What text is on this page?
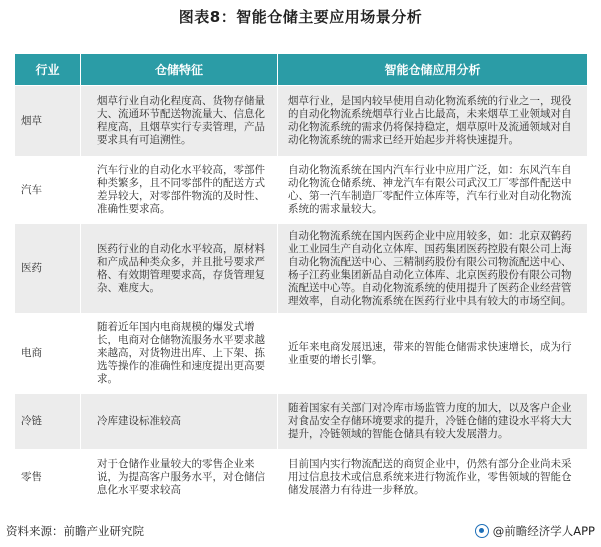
图表8：智能仓储主要应用场景分析
行业	仓储特征	智能仓储应用分析
烟草	烟草行业自动化程度高、货物存储量大、流通环节配送物流量大、信息化程度高，且烟草实行专卖管理，产品要求具有可追溯性。	烟草行业，是国内较早使用自动化物流系统的行业之一，现役的自动化物流系统烟草行业占比最高，未来烟草工业领域对自动化物流系统的需求仍将保持稳定，烟草原叶及流通领域对自动化物流系统的需求已经开始起步并将快速提升。
汽车	汽车行业的自动化水平较高，零部件种类繁多，且不同零部件的配送方式差异较大，对零部件物流的及时性、准确性要求高。	自动化物流系统在国内汽车行业中应用广泛，如：东风汽车自动化物流仓储系统、神龙汽车有限公司武汉工厂零部件配送中心、第一汽车制造厂零配件立体库等，汽车行业对自动化物流系统的需求量较大。
医药	医药行业的自动化水平较高，原材料和产成品种类众多，并且批号要求严格、有效期管理要求高，存货管理复杂、难度大。	自动化物流系统在国内医药企业中应用较多，如：北京双鹤药业工业园生产自动化立体库、国药集团医药控股有限公司上海自动化物流配送中心、三精制药股份有限公司物流配送中心、杨子江药业集团新品自动化立体库、北京医药股份有限公司物流配送中心等。自动化物流系统的使用提升了医药企业经营管理效率，自动化物流系统在医药行业中具有较大的市场空间。
电商	随着近年国内电商规模的爆发式增长，电商对仓储物流服务水平要求越来越高，对货物进出库、上下架、拣选等操作的准确性和速度提出更高要求。	近年来电商发展迅速，带来的智能仓储需求快速增长，成为行业重要的增长引擎。
冷链	冷库建设标准较高	随着国家有关部门对冷库市场监管力度的加大，以及客户企业对食品安全存储环境要求的提升，冷链仓储的建设水平将大大提升，冷链领域的智能仓储具有较大发展潜力。
零售	对于仓储作业量较大的零售企业来说，为提高客户服务水平，对仓储信息化水平要求较高	目前国内实行物流配送的商贸企业中，仍然有部分企业尚未采用过信息技术或信息系统来进行物流作业，零售领域的智能仓储发展潜力有待进一步释放。
资料来源：前瞻产业研究院	@前瞻经济学人APP
